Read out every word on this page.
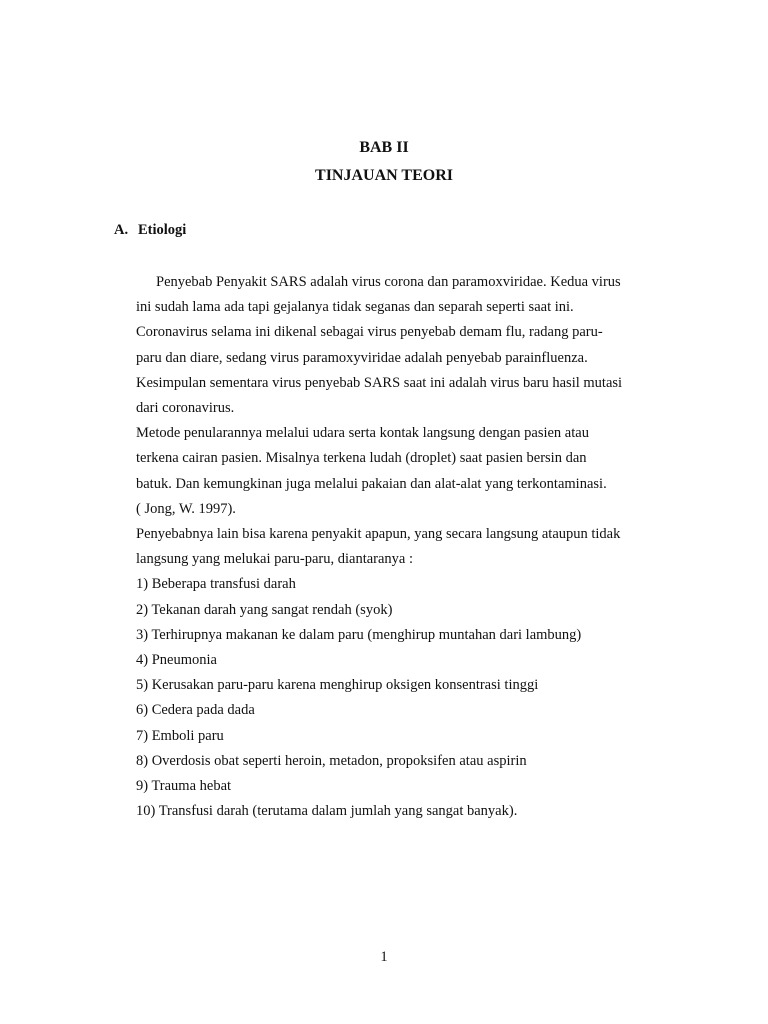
BAB II
TINJAUAN TEORI
A. Etiologi
Penyebab Penyakit SARS adalah virus corona dan paramoxviridae. Kedua virus
ini sudah lama ada tapi gejalanya tidak seganas dan separah seperti saat ini.
Coronavirus selama ini dikenal sebagai virus penyebab demam flu, radang paru-
paru dan diare, sedang virus paramoxyviridae adalah penyebab parainfluenza.
Kesimpulan sementara virus penyebab SARS saat ini adalah virus baru hasil mutasi
dari coronavirus.
Metode penularannya melalui udara serta kontak langsung dengan pasien atau
terkena cairan pasien. Misalnya terkena ludah (droplet) saat pasien bersin dan
batuk. Dan kemungkinan juga melalui pakaian dan alat-alat yang terkontaminasi.
( Jong, W. 1997).
Penyebabnya lain bisa karena penyakit apapun, yang secara langsung ataupun tidak
langsung yang melukai paru-paru, diantaranya :
1) Beberapa transfusi darah
2) Tekanan darah yang sangat rendah (syok)
3) Terhirupnya makanan ke dalam paru (menghirup muntahan dari lambung)
4) Pneumonia
5) Kerusakan paru-paru karena menghirup oksigen konsentrasi tinggi
6) Cedera pada dada
7) Emboli paru
8) Overdosis obat seperti heroin, metadon, propoksifen atau aspirin
9) Trauma hebat
10) Transfusi darah (terutama dalam jumlah yang sangat banyak).
1
